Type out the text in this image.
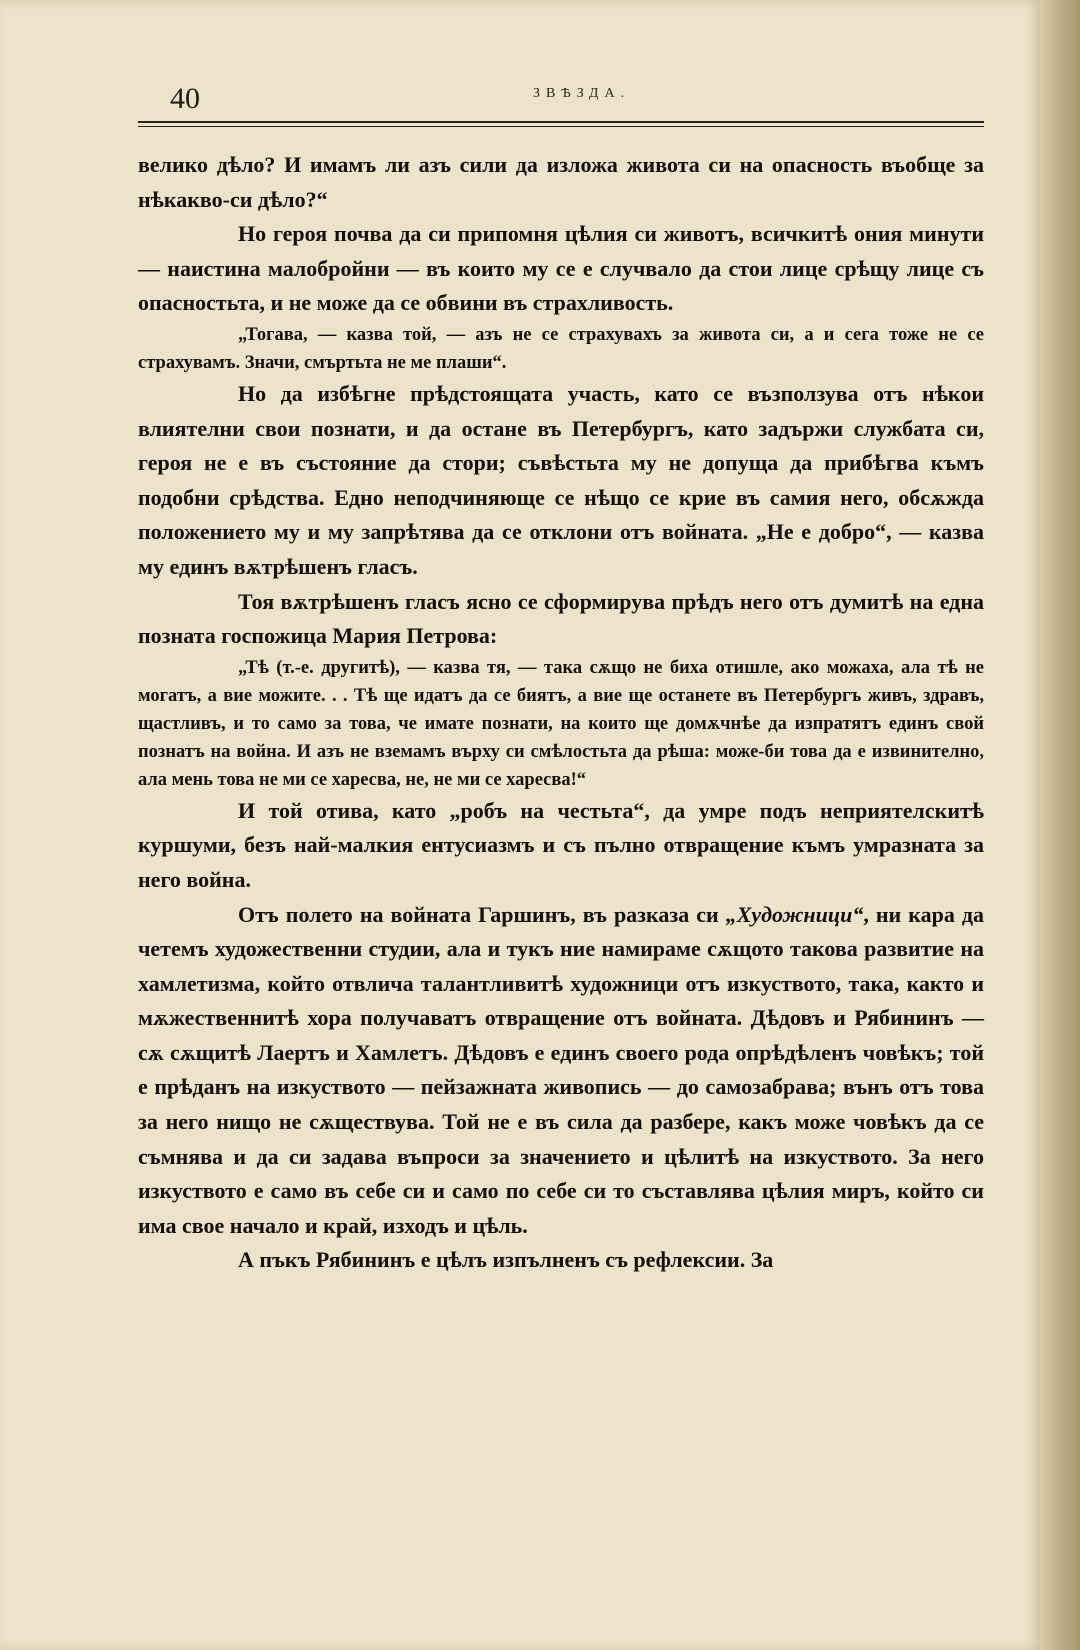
40	ЗВѢЗДА.

велико дѣло? И имамъ ли азъ сили да изложа живота си на опасность въобще за нѣкакво-си дѣло?“

Но героя почва да си припомня цѣлия си животъ, всичкитѣ ония минути — наистина малобройни — въ които му се е случвало да стои лице срѣщу лице съ опасностьта, и не може да се обвини въ страхливость.

„Тогава, — казва той, — азъ не се страхувахъ за живота си, а и сега тоже не се страхувамъ. Значи, смъртьта не ме плаши“.

Но да избѣгне прѣдстоящата участь, като се възползува отъ нѣкои влиятелни свои познати, и да остане въ Петербургъ, като задържи службата си, героя не е въ състояние да стори; съвѣстьта му не допуща да прибѣгва къмъ подобни срѣдства. Едно неподчиняюще се нѣщо се крие въ самия него, обсѫжда положението му и му запрѣтява да се отклони отъ войната. „Не е добро“, — казва му единъ вѫтрѣшенъ гласъ.

Тоя вѫтрѣшенъ гласъ ясно се сформирува прѣдъ него отъ думитѣ на една позната госпожица Мария Петрова:

„Тѣ (т.-е. другитѣ), — казва тя, — така сѫщо не биха отишле, ако можаха, ала тѣ не могатъ, а вие можите. . . Тѣ ще идатъ да се биятъ, а вие ще останете въ Петербургъ живъ, здравъ, щастливъ, и то само за това, че имате познати, на които ще домѫчнѣе да изпратятъ единъ свой познатъ на война. И азъ не вземамъ върху си смѣлостьта да рѣша: може-би това да е извинително, ала мень това не ми се харесва, не, не ми се харесва!“

И той отива, като „робъ на честьта“, да умре подъ неприятелскитѣ куршуми, безъ най-малкия ентусиазмъ и съ пълно отвращение къмъ умразната за него война.

Отъ полето на войната Гаршинъ, въ разказа си „Художници“, ни кара да четемъ художественни студии, ала и тукъ ние намираме сѫщото такова развитие на хамлетизма, който отвлича талантливитѣ художници отъ изкуството, така, както и мѫжественнитѣ хора получаватъ отвращение отъ войната. Дѣдовъ и Рябининъ — сѫ сѫщитѣ Лаертъ и Хамлетъ. Дѣдовъ е единъ своего рода опрѣдѣленъ човѣкъ; той е прѣданъ на изкуството — пейзажната живопись — до самозабрава; вънъ отъ това за него нищо не сѫществува. Той не е въ сила да разбере, какъ може човѣкъ да се съмнява и да си задава въпроси за значението и цѣлитѣ на изкуството. За него изкуството е само въ себе си и само по себе си то съставлява цѣлия миръ, който си има свое начало и край, изходъ и цѣль.

А пъкъ Рябининъ е цѣлъ изпълненъ съ рефлексии. За
